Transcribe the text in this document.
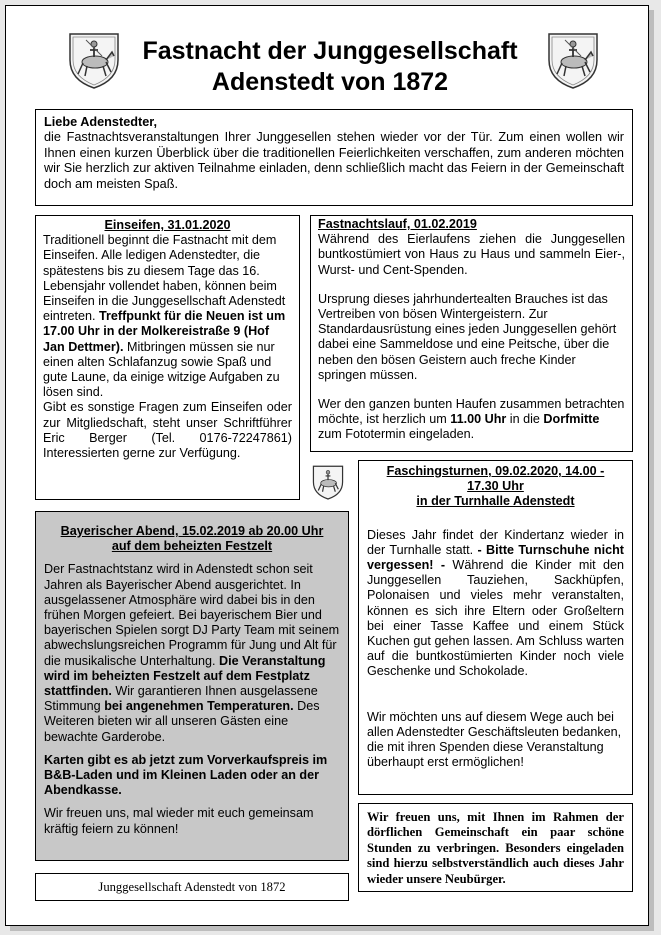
Fastnacht der Junggesellschaft
Adenstedt von 1872

Liebe Adenstedter,

die Fastnachtsveranstaltungen Ihrer Junggesellen stehen wieder vor der Tür. Zum einen wollen wir Ihnen einen kurzen Überblick über die traditionellen Feierlichkeiten verschaffen, zum anderen möchten wir Sie herzlich zur aktiven Teilnahme einladen, denn schließlich macht das Feiern in der Gemeinschaft doch am meisten Spaß.

Einseifen, 31.01.2020

Traditionell beginnt die Fastnacht mit dem Einseifen. Alle ledigen Adenstedter, die spätestens bis zu diesem Tage das 16. Lebensjahr vollendet haben, können beim Einseifen in die Junggesellschaft Adenstedt eintreten. Treffpunkt für die Neuen ist um 17.00 Uhr in der Molkereistraße 9 (Hof Jan Dettmer). Mitbringen müssen sie nur einen alten Schlafanzug sowie Spaß und gute Laune, da einige witzige Aufgaben zu lösen sind.

Gibt es sonstige Fragen zum Einseifen oder zur Mitgliedschaft, steht unser Schriftführer Eric Berger (Tel. 0176-72247861) Interessierten gerne zur Verfügung.

Fastnachtslauf, 01.02.2019

Während des Eierlaufens ziehen die Junggesellen buntkostümiert von Haus zu Haus und sammeln Eier-, Wurst- und Cent-Spenden.

Ursprung dieses jahrhundertealten Brauches ist das Vertreiben von bösen Wintergeistern. Zur Standardausrüstung eines jeden Junggesellen gehört dabei eine Sammeldose und eine Peitsche, über die neben den bösen Geistern auch freche Kinder springen müssen.

Wer den ganzen bunten Haufen zusammen betrachten möchte, ist herzlich um 11.00 Uhr in die Dorfmitte zum Fototermin eingeladen.

Bayerischer Abend, 15.02.2019 ab 20.00 Uhr

auf dem beheizten Festzelt

Der Fastnachtstanz wird in Adenstedt schon seit Jahren als Bayerischer Abend ausgerichtet. In ausgelassener Atmosphäre wird dabei bis in den frühen Morgen gefeiert. Bei bayerischem Bier und bayerischen Spielen sorgt DJ Party Team mit seinem abwechslungsreichen Programm für Jung und Alt für die musikalische Unterhaltung. Die Veranstaltung wird im beheizten Festzelt auf dem Festplatz stattfinden. Wir garantieren Ihnen ausgelassene Stimmung bei angenehmen Temperaturen. Des Weiteren bieten wir all unseren Gästen eine bewachte Garderobe.

Karten gibt es ab jetzt zum Vorverkaufspreis im B&B-Laden und im Kleinen Laden oder an der Abendkasse.

Wir freuen uns, mal wieder mit euch gemeinsam kräftig feiern zu können!

Faschingsturnen, 09.02.2020, 14.00 -

17.30 Uhr

in der Turnhalle Adenstedt

Dieses Jahr findet der Kindertanz wieder in der Turnhalle statt. - Bitte Turnschuhe nicht vergessen! - Während die Kinder mit den Junggesellen Tauziehen, Sackhüpfen, Polonaisen und vieles mehr veranstalten, können es sich ihre Eltern oder Großeltern bei einer Tasse Kaffee und einem Stück Kuchen gut gehen lassen. Am Schluss warten auf die buntkostümierten Kinder noch viele Geschenke und Schokolade.

Wir möchten uns auf diesem Wege auch bei allen Adenstedter Geschäftsleuten bedanken, die mit ihren Spenden diese Veranstaltung überhaupt erst ermöglichen!

Wir freuen uns, mit Ihnen im Rahmen der dörflichen Gemeinschaft ein paar schöne Stunden zu verbringen. Besonders eingeladen sind hierzu selbstverständlich auch dieses Jahr wieder unsere Neubürger.

Junggesellschaft Adenstedt von 1872
